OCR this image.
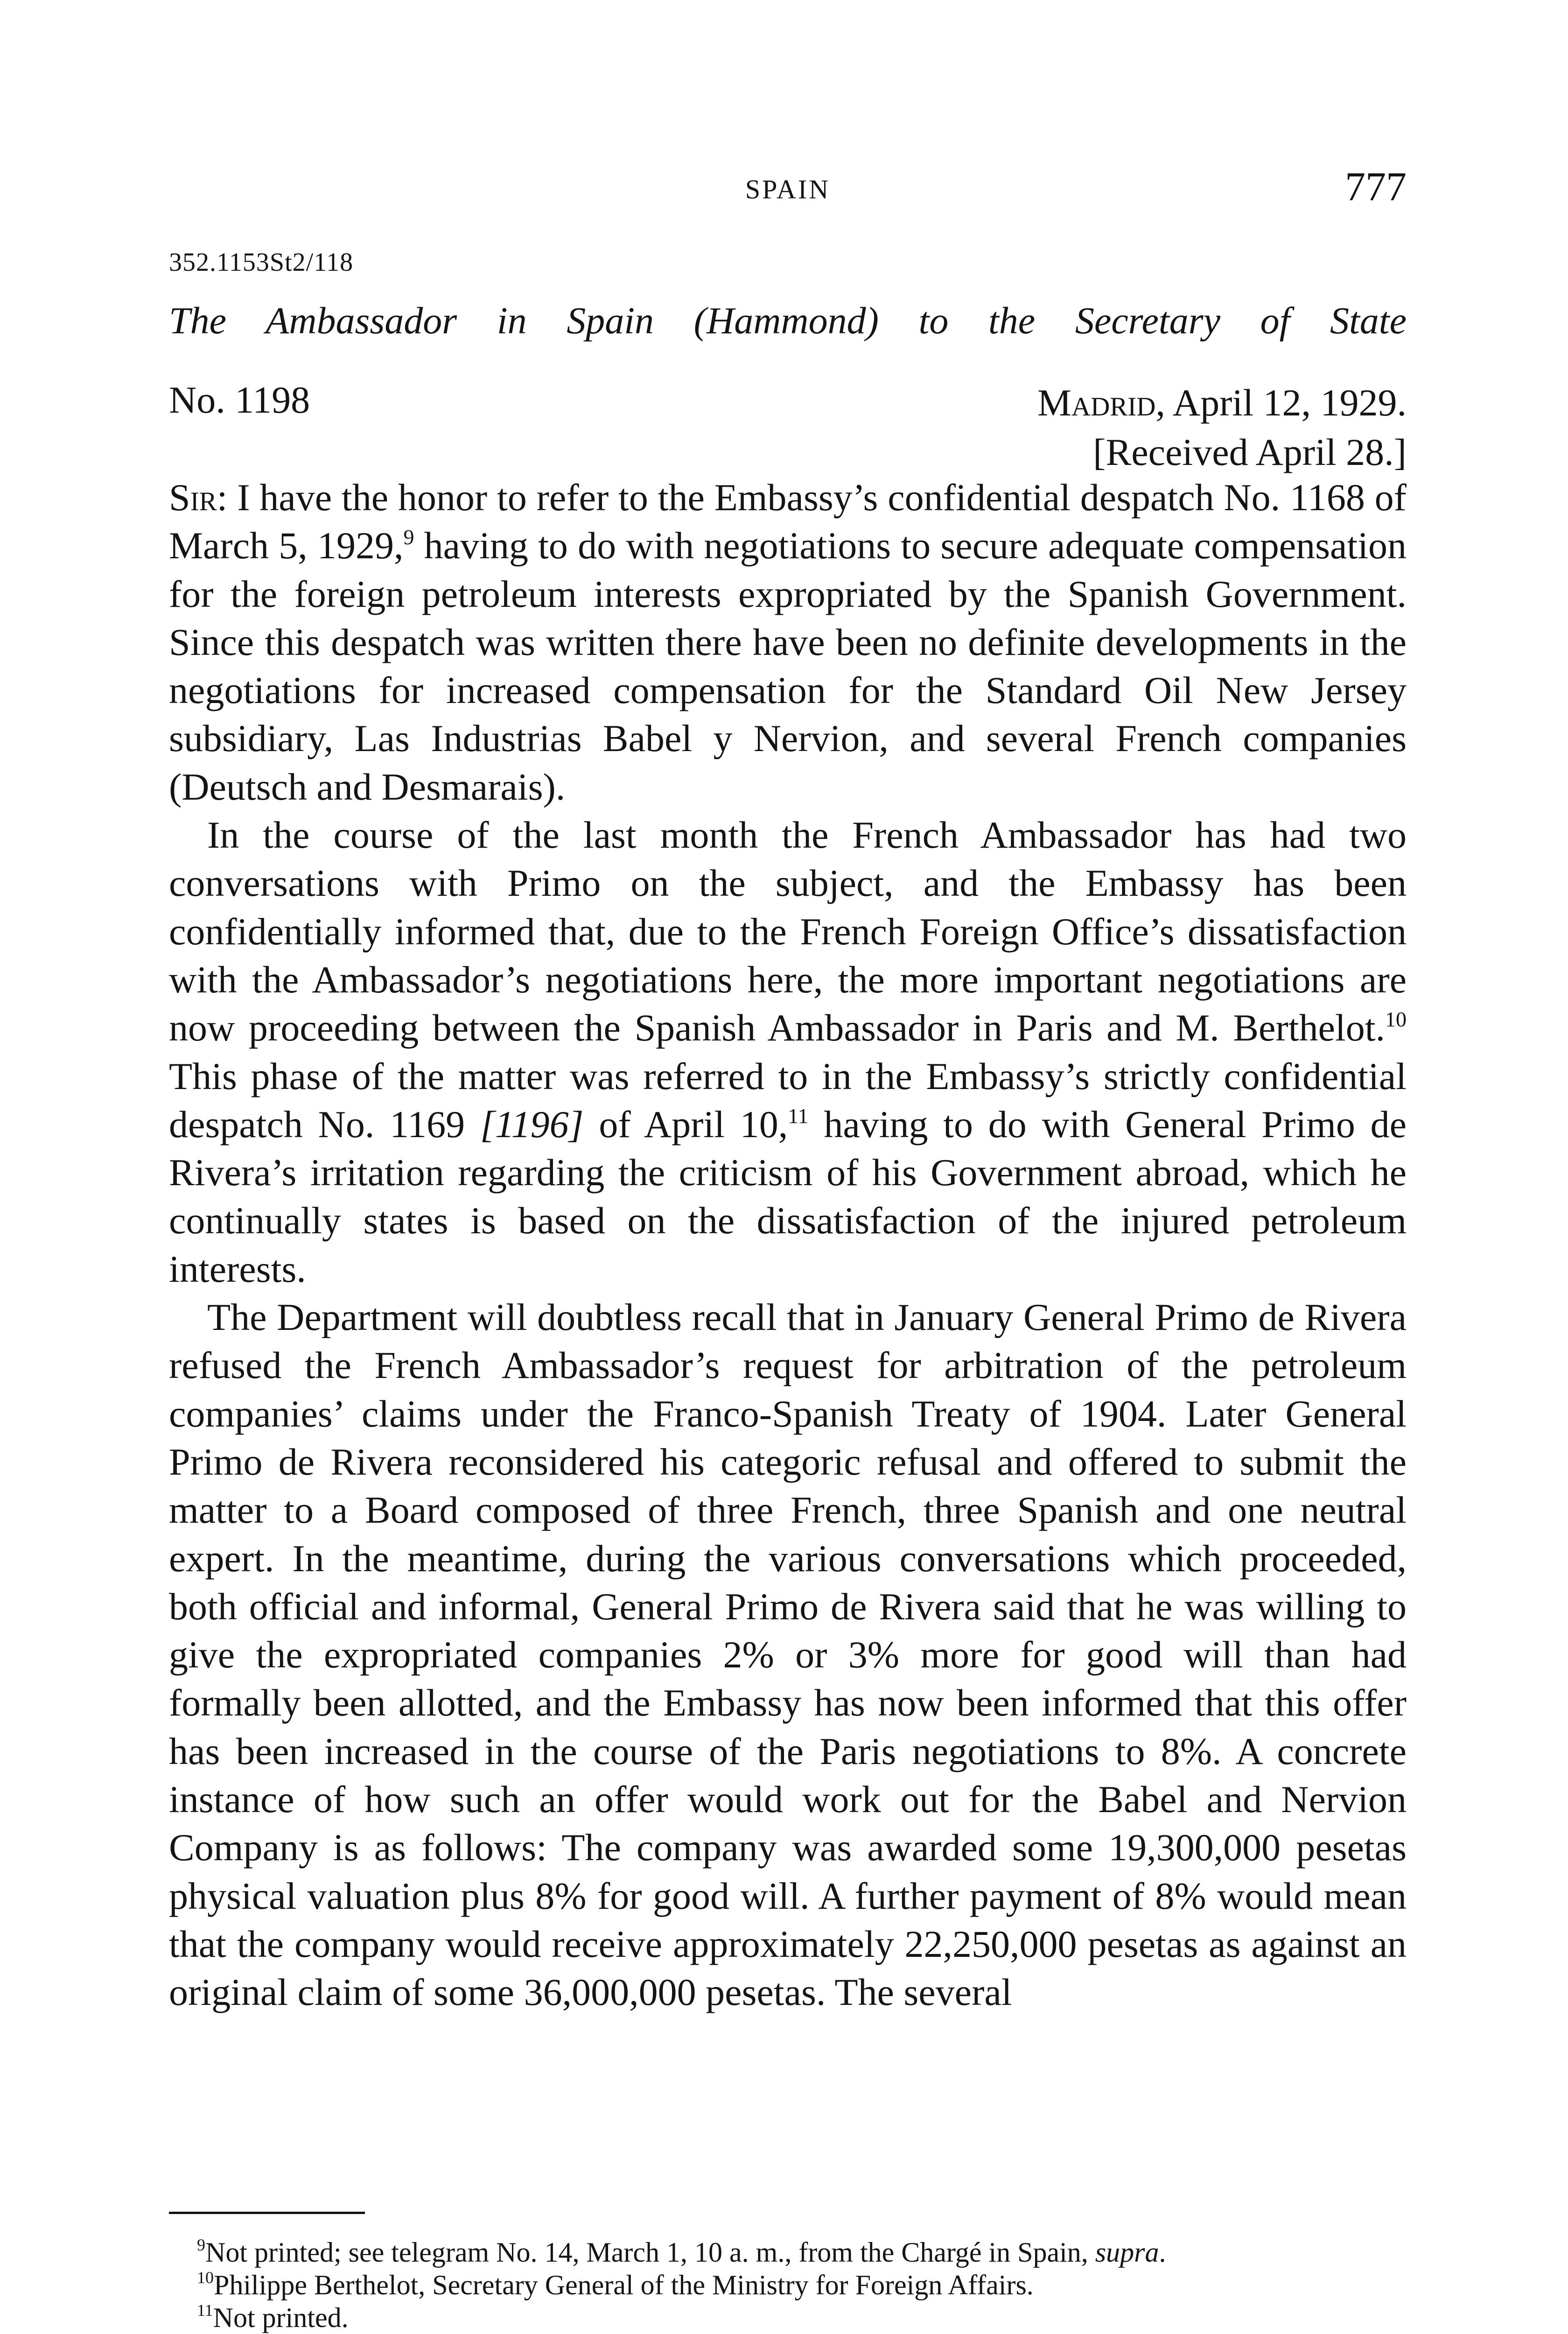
SPAIN	777
352.1153St2/118
The Ambassador in Spain (Hammond) to the Secretary of State
No. 1198	Madrid, April 12, 1929.
[Received April 28.]

Sir: I have the honor to refer to the Embassy’s confidential despatch No. 1168 of March 5, 1929,$^9$ having to do with negotiations to secure adequate compensation for the foreign petroleum interests expropriated by the Spanish Government. Since this despatch was written there have been no definite developments in the negotiations for increased compensation for the Standard Oil New Jersey subsidiary, Las Industrias Babel y Nervion, and several French companies (Deutsch and Desmarais).

In the course of the last month the French Ambassador has had two conversations with Primo on the subject, and the Embassy has been confidentially informed that, due to the French Foreign Office’s dissatisfaction with the Ambassador’s negotiations here, the more important negotiations are now proceeding between the Spanish Ambassador in Paris and M. Berthelot.$^{10}$ This phase of the matter was referred to in the Embassy’s strictly confidential despatch No. 1169 [1196] of April 10,11 having to do with General Primo de Rivera’s irritation regarding the criticism of his Government abroad, which he continually states is based on the dissatisfaction of the injured petroleum interests.

The Department will doubtless recall that in January General Primo de Rivera refused the French Ambassador’s request for arbitration of the petroleum companies’ claims under the Franco-Spanish Treaty of 1904. Later General Primo de Rivera reconsidered his categoric refusal and offered to submit the matter to a Board composed of three French, three Spanish and one neutral expert. In the meantime, during the various conversations which proceeded, both official and informal, General Primo de Rivera said that he was willing to give the expropriated companies 2% or 3% more for good will than had formally been allotted, and the Embassy has now been informed that this offer has been increased in the course of the Paris negotiations to 8%. A concrete instance of how such an offer would work out for the Babel and Nervion Company is as follows: The company was awarded some 19,300,000 pesetas physical valuation plus 8% for good will. A further payment of 8% would mean that the company would receive approximately 22,250,000 pesetas as against an original claim of some 36,000,000 pesetas. The several

$^9$Not printed; see telegram No. 14, March 1, 10 a. m., from the Chargé in Spain, supra.
$^{10}$Philippe Berthelot, Secretary General of the Ministry for Foreign Affairs.
$^{11}$Not printed.
